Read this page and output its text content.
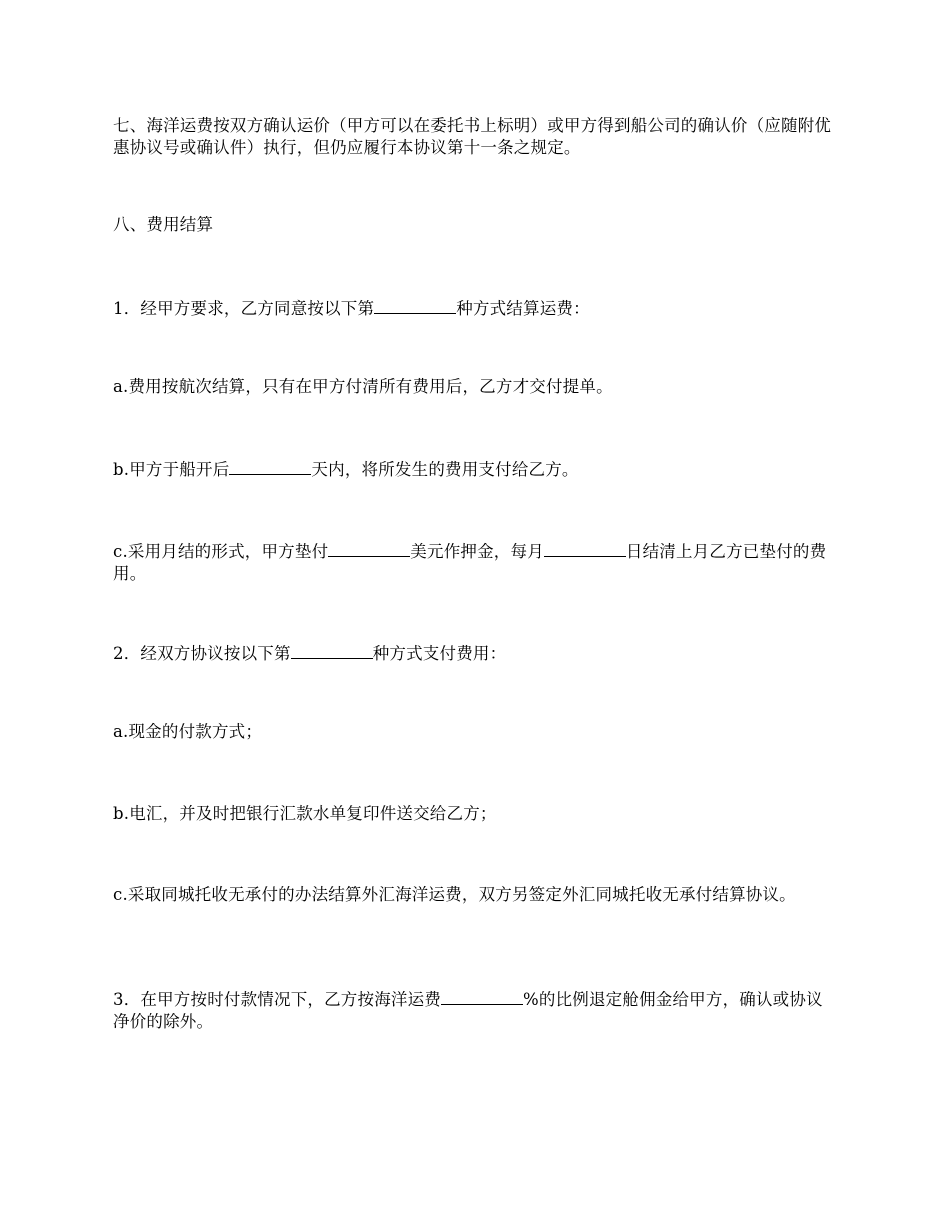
七、海洋运费按双方确认运价（甲方可以在委托书上标明）或甲方得到船公司的确认价（应随附优惠协议号或确认件）执行，但仍应履行本协议第十一条之规定。

八、费用结算

1．经甲方要求，乙方同意按以下第	种方式结算运费：

a.费用按航次结算，只有在甲方付清所有费用后，乙方才交付提单。

b.甲方于船开后	天内，将所发生的费用支付给乙方。

c.采用月结的形式，甲方垫付	美元作押金，每月	日结清上月乙方已垫付的费用。

2．经双方协议按以下第	种方式支付费用：

a.现金的付款方式；

b.电汇，并及时把银行汇款水单复印件送交给乙方；

c.采取同城托收无承付的办法结算外汇海洋运费，双方另签定外汇同城托收无承付结算协议。

3．在甲方按时付款情况下，乙方按海洋运费	%的比例退定舱佣金给甲方，确认或协议净价的除外。
